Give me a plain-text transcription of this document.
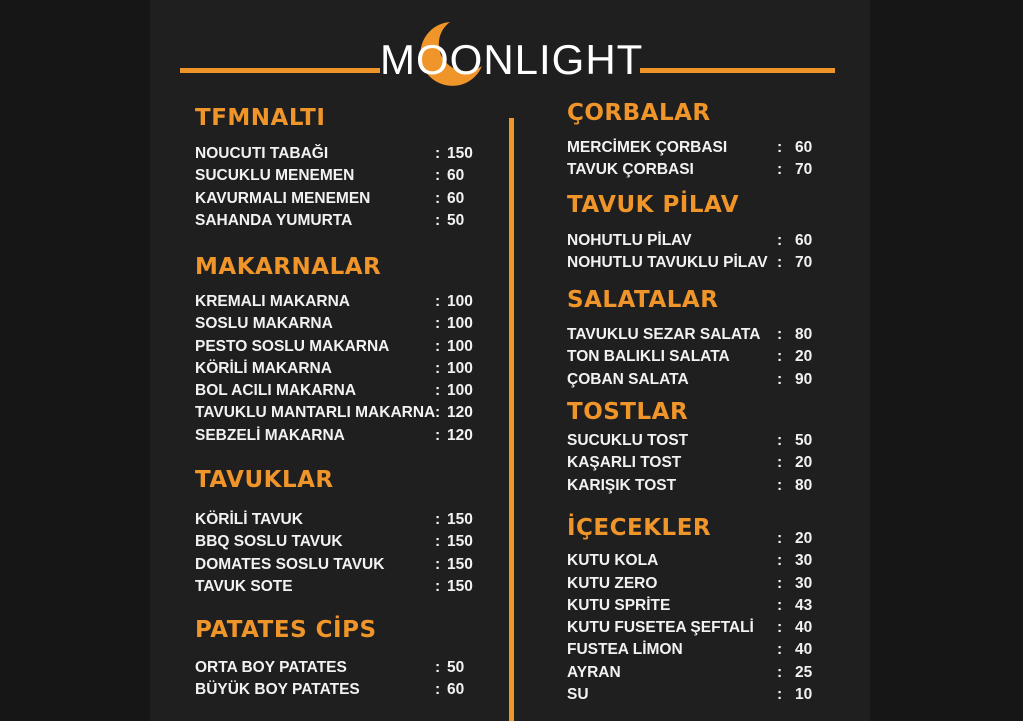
MOONLIGHT
TFMNALTI
NOUCUTI TABAĞI	: 150
SUCUKLU MENEMEN	: 60
KAVURMALI MENEMEN	: 60
SAHANDA YUMURTA	: 50
MAKARNALAR
KREMALI MAKARNA	: 100
SOSLU MAKARNA	: 100
PESTO SOSLU MAKARNA	: 100
KÖRİLİ MAKARNA	: 100
BOL ACILI MAKARNA	: 100
TAVUKLU MANTARLI MAKARNA : 120
SEBZELİ MAKARNA	: 120
TAVUKLAR
KÖRİLİ TAVUK	: 150
BBQ SOSLU TAVUK	: 150
DOMATES SOSLU TAVUK	: 150
TAVUK SOTE	: 150
PATATES CİPS
ORTA BOY PATATES	: 50
BÜYÜK BOY PATATES	: 60
ÇORBALAR
MERCİMEK ÇORBASI	: 60
TAVUK ÇORBASI	: 70
TAVUK PİLAV
NOHUTLU PİLAV	: 60
NOHUTLU TAVUKLU PİLAV : 70
SALATALAR
TAVUKLU SEZAR SALATA : 80
TON BALIKLI SALATA	: 20
ÇOBAN SALATA	: 90
TOSTLAR
SUCUKLU TOST	: 50
KAŞARLI TOST	: 20
KARIŞIK TOST	: 80
İÇECEKLER	: 20
KUTU KOLA	: 30
KUTU ZERO	: 30
KUTU SPRİTE	: 43
KUTU FUSETEA ŞEFTALİ : 40
FUSTEA LİMON	: 40
AYRAN	: 25
SU	: 10
